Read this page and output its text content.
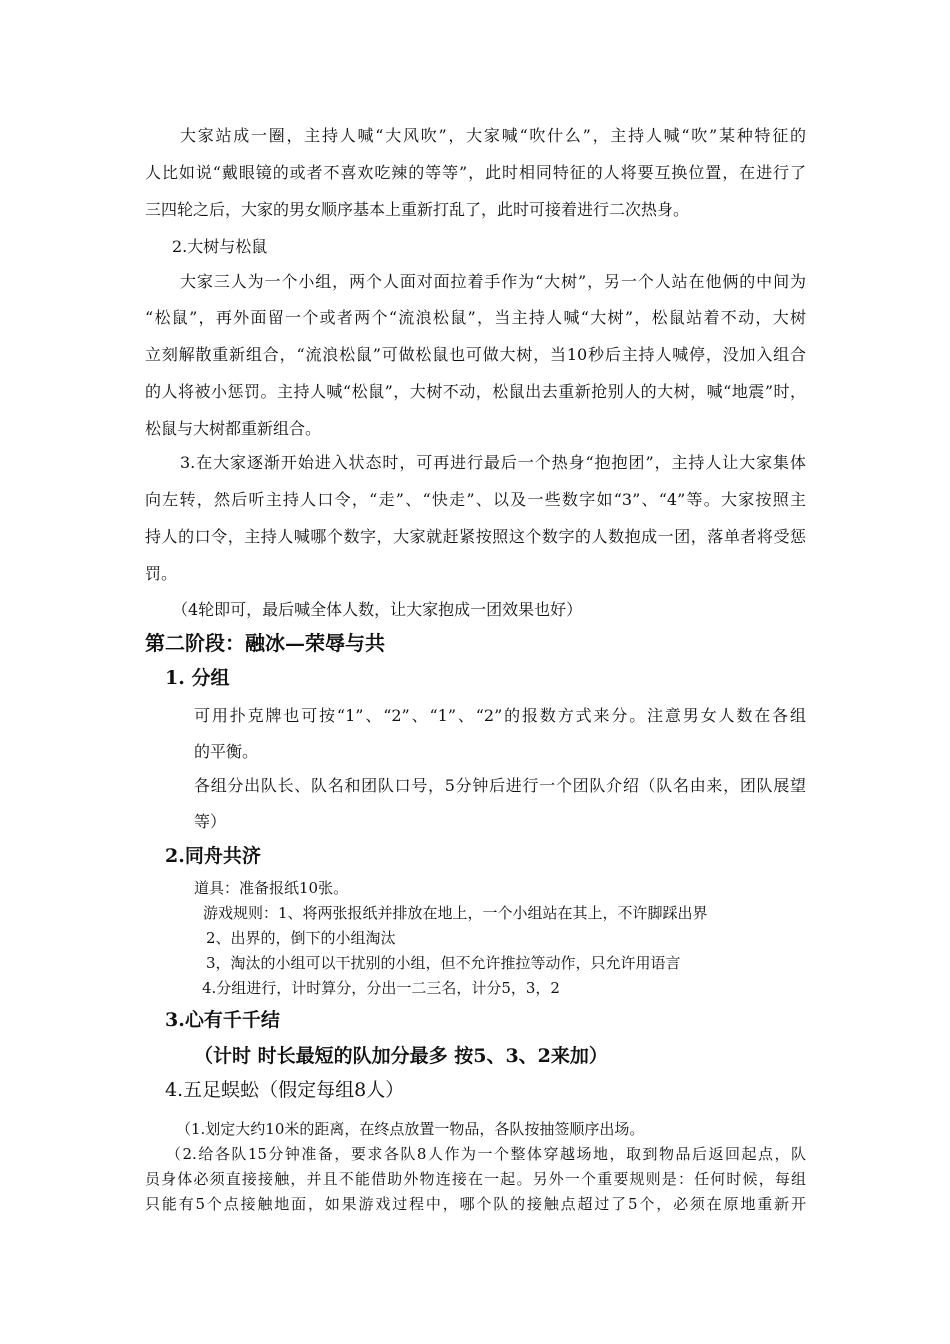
大家站成一圈，主持人喊“大风吹”，大家喊“吹什么”，主持人喊“吹”某种特征的
人比如说“戴眼镜的或者不喜欢吃辣的等等”，此时相同特征的人将要互换位置，在进行了
三四轮之后，大家的男女顺序基本上重新打乱了，此时可接着进行二次热身。
2.大树与松鼠
大家三人为一个小组，两个人面对面拉着手作为“大树”，另一个人站在他俩的中间为
“松鼠”，再外面留一个或者两个“流浪松鼠”，当主持人喊“大树”，松鼠站着不动，大树
立刻解散重新组合，“流浪松鼠”可做松鼠也可做大树，当10秒后主持人喊停，没加入组合
的人将被小惩罚。主持人喊“松鼠”，大树不动，松鼠出去重新抢别人的大树，喊“地震”时，
松鼠与大树都重新组合。
3.在大家逐渐开始进入状态时，可再进行最后一个热身“抱抱团”，主持人让大家集体
向左转，然后听主持人口令，“走”、“快走”、以及一些数字如“3”、“4”等。大家按照主
持人的口令，主持人喊哪个数字，大家就赶紧按照这个数字的人数抱成一团，落单者将受惩
罚。
（4轮即可，最后喊全体人数，让大家抱成一团效果也好）
第二阶段：融冰—荣辱与共
1. 分组
可用扑克牌也可按“1”、“2”、“1”、“2”的报数方式来分。注意男女人数在各组
的平衡。
各组分出队长、队名和团队口号，5分钟后进行一个团队介绍（队名由来，团队展望
等）
2.同舟共济
道具：准备报纸10张。
游戏规则：1、将两张报纸并排放在地上，一个小组站在其上，不许脚踩出界
2、出界的，倒下的小组淘汰
3，淘汰的小组可以干扰别的小组，但不允许推拉等动作，只允许用语言
4.分组进行，计时算分，分出一二三名，计分5，3，2
3.心有千千结
（计时 时长最短的队加分最多 按5、3、2来加）
4.五足蜈蚣（假定每组8人）
（1.划定大约10米的距离，在终点放置一物品，各队按抽签顺序出场。
（2.给各队15分钟准备，要求各队8人作为一个整体穿越场地，取到物品后返回起点，队
员身体必须直接接触，并且不能借助外物连接在一起。另外一个重要规则是：任何时候，每组
只能有5个点接触地面，如果游戏过程中，哪个队的接触点超过了5个，必须在原地重新开
